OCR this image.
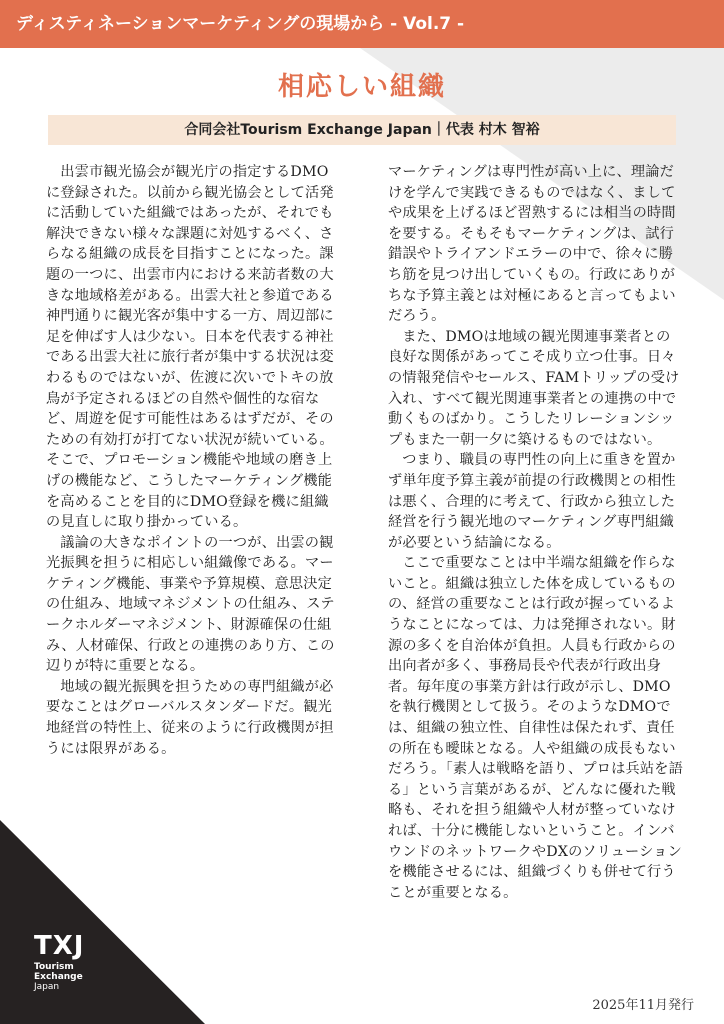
ディスティネーションマーケティングの現場から - Vol.7 -
相応しい組織
合同会社Tourism Exchange Japan｜代表 村木 智裕

出雲市観光協会が観光庁の指定するDMOに登録された。以前から観光協会として活発に活動していた組織ではあったが、それでも解決できない様々な課題に対処するべく、さらなる組織の成長を目指すことになった。課題の一つに、出雲市内における来訪者数の大きな地域格差がある。出雲大社と参道である神門通りに観光客が集中する一方、周辺部に足を伸ばす人は少ない。日本を代表する神社である出雲大社に旅行者が集中する状況は変わるものではないが、佐渡に次いでトキの放鳥が予定されるほどの自然や個性的な宿など、周遊を促す可能性はあるはずだが、そのための有効打が打てない状況が続いている。そこで、プロモーション機能や地域の磨き上げの機能など、こうしたマーケティング機能を高めることを目的にDMO登録を機に組織の見直しに取り掛かっている。

議論の大きなポイントの一つが、出雲の観光振興を担うに相応しい組織像である。マーケティング機能、事業や予算規模、意思決定の仕組み、地域マネジメントの仕組み、ステークホルダーマネジメント、財源確保の仕組み、人材確保、行政との連携のあり方、この辺りが特に重要となる。

地域の観光振興を担うための専門組織が必要なことはグローバルスタンダードだ。観光地経営の特性上、従来のように行政機関が担うには限界がある。

マーケティングは専門性が高い上に、理論だけを学んで実践できるものではなく、ましてや成果を上げるほど習熟するには相当の時間を要する。そもそもマーケティングは、試行錯誤やトライアンドエラーの中で、徐々に勝ち筋を見つけ出していくもの。行政にありがちな予算主義とは対極にあると言ってもよいだろう。

また、DMOは地域の観光関連事業者との良好な関係があってこそ成り立つ仕事。日々の情報発信やセールス、FAMトリップの受け入れ、すべて観光関連事業者との連携の中で動くものばかり。こうしたリレーションシップもまた一朝一夕に築けるものではない。

つまり、職員の専門性の向上に重きを置かず単年度予算主義が前提の行政機関との相性は悪く、合理的に考えて、行政から独立した経営を行う観光地のマーケティング専門組織が必要という結論になる。

ここで重要なことは中半端な組織を作らないこと。組織は独立した体を成しているものの、経営の重要なことは行政が握っているようなことになっては、力は発揮されない。財源の多くを自治体が負担。人員も行政からの出向者が多く、事務局長や代表が行政出身者。毎年度の事業方針は行政が示し、DMOを執行機関として扱う。そのようなDMOでは、組織の独立性、自律性は保たれず、責任の所在も曖昧となる。人や組織の成長もないだろう。「素人は戦略を語り、プロは兵站を語る」という言葉があるが、どんなに優れた戦略も、それを担う組織や人材が整っていなければ、十分に機能しないということ。インバウンドのネットワークやDXのソリューションを機能させるには、組織づくりも併せて行うことが重要となる。

TXJ
Tourism
Exchange
Japan
2025年11月発行
